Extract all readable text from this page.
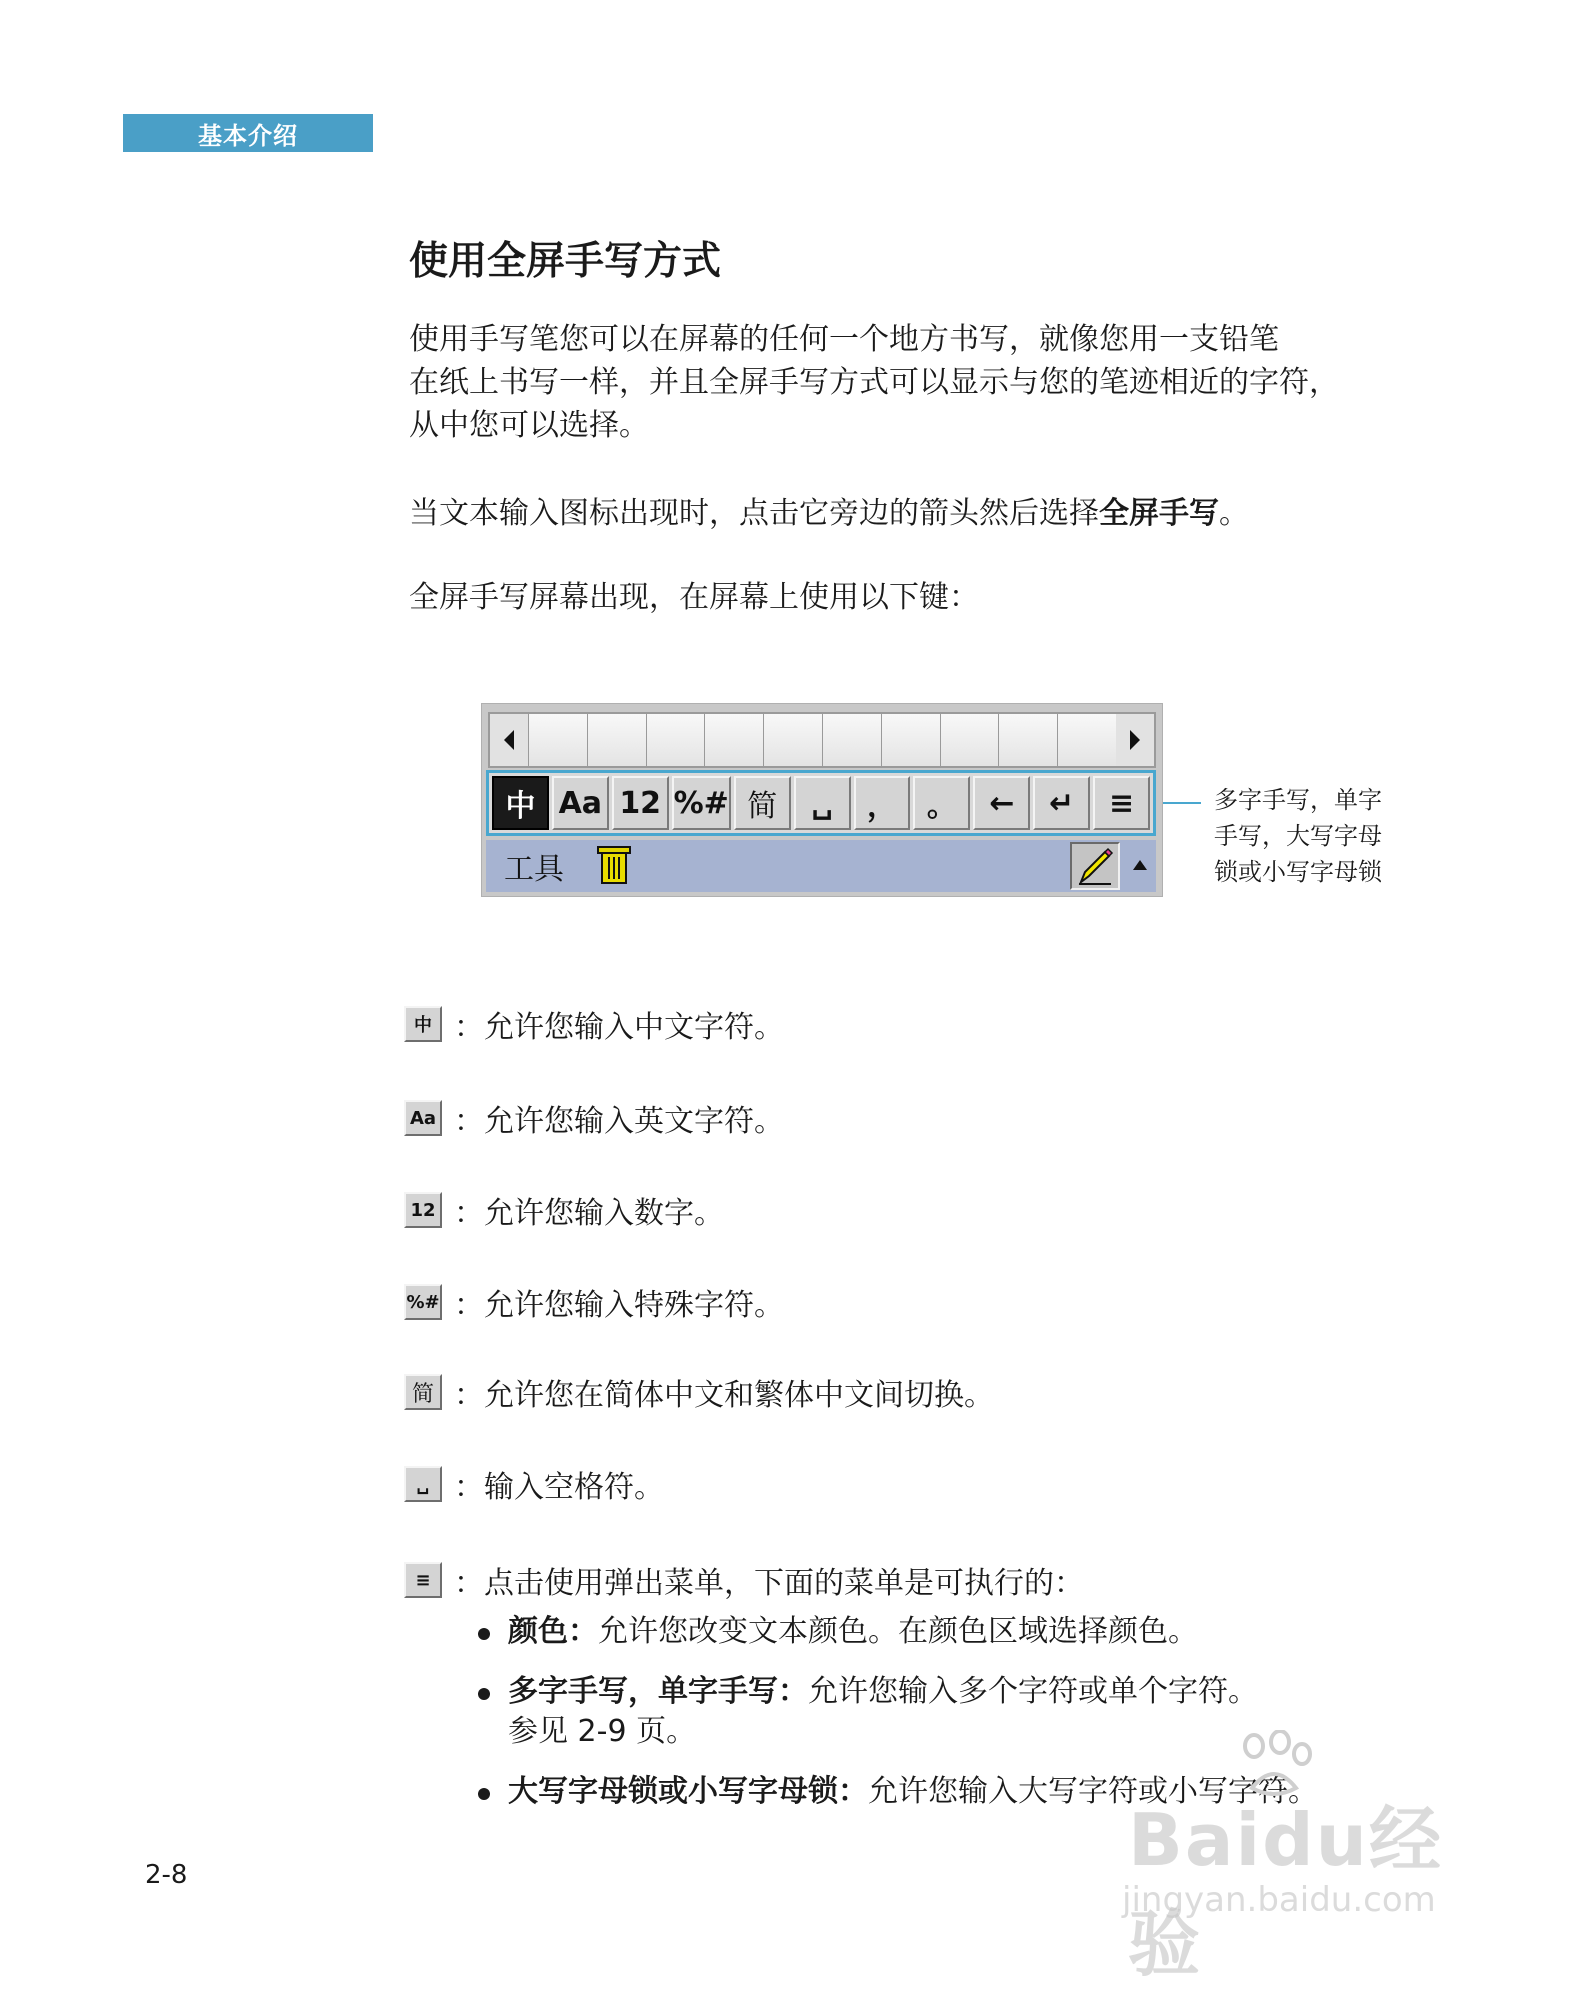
基本介绍
使用全屏手写方式

使用手写笔您可以在屏幕的任何一个地方书写，就像您用一支铅笔
在纸上书写一样，并且全屏手写方式可以显示与您的笔迹相近的字符，
从中您可以选择。

当文本输入图标出现时，点击它旁边的箭头然后选择全屏手写。

全屏手写屏幕出现，在屏幕上使用以下键：

中 Aa 12 %# 简	␣	， 。	←	↵	≡
工具

多字手写，单字
手写，大写字母
锁或小写字母锁

中 ：允许您输入中文字符。
Aa ：允许您输入英文字符。
12 ：允许您输入数字。
%# ：允许您输入特殊字符。
简 ：允许您在简体中文和繁体中文间切换。
␣ ：输入空格符。
≡ ：点击使用弹出菜单，下面的菜单是可执行的：
颜色：允许您改变文本颜色。在颜色区域选择颜色。
多字手写，单字手写：允许您输入多个字符或单个字符。
参见 2-9 页。
大写字母锁或小写字母锁：允许您输入大写字符或小写字符。

2-8	Baidu经验
jingyan.baidu.com
